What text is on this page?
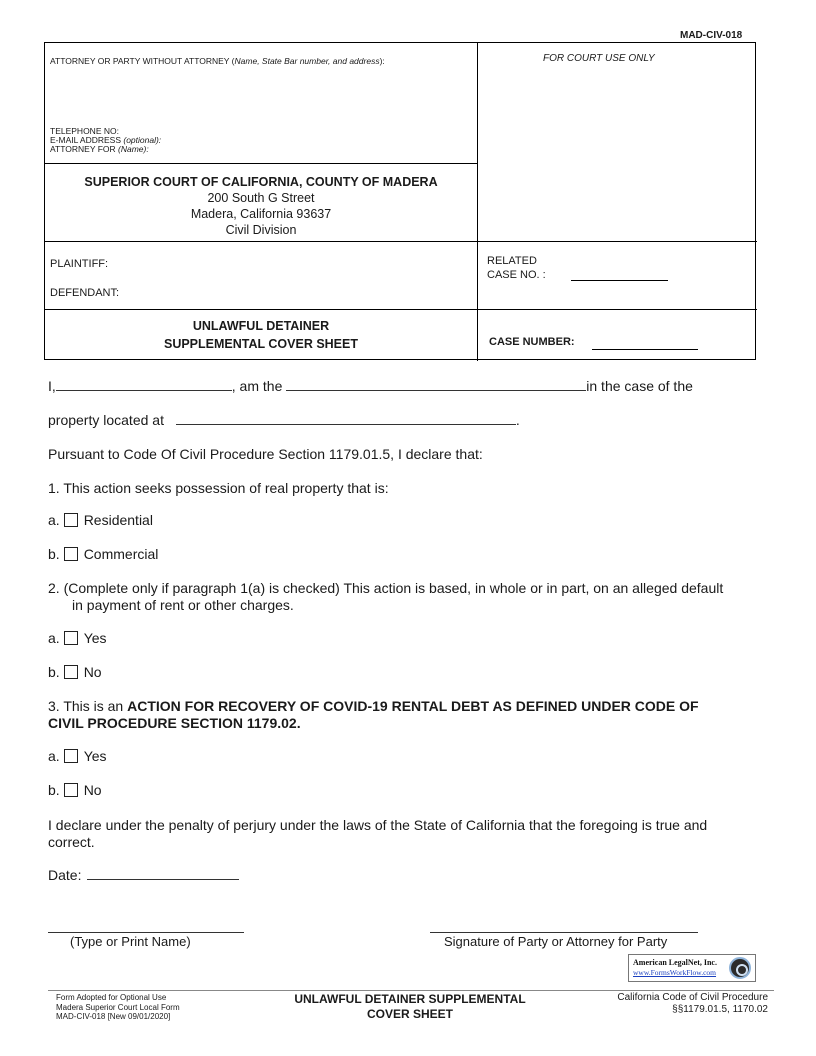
MAD-CIV-018
ATTORNEY OR PARTY WITHOUT ATTORNEY (Name, State Bar number, and address):	FOR COURT USE ONLY
TELEPHONE NO:
E-MAIL ADDRESS (optional):
ATTORNEY FOR (Name):
SUPERIOR COURT OF CALIFORNIA, COUNTY OF MADERA
200 South G Street
Madera, California 93637
Civil Division
PLAINTIFF:
DEFENDANT:
RELATED
CASE NO. :
UNLAWFUL DETAINER
SUPPLEMENTAL COVER SHEET	CASE NUMBER:
I,	, am the	in the case of the
property located at	.
Pursuant to Code Of Civil Procedure Section 1179.01.5, I declare that:
1. This action seeks possession of real property that is:
a. Residential
b. Commercial
2. (Complete only if paragraph 1(a) is checked) This action is based, in whole or in part, on an alleged default
in payment of rent or other charges.
a. Yes
b. No
3. This is an ACTION FOR RECOVERY OF COVID-19 RENTAL DEBT AS DEFINED UNDER CODE OF
CIVIL PROCEDURE SECTION 1179.02.
a. Yes
b. No
I declare under the penalty of perjury under the laws of the State of California that the foregoing is true and
correct.
Date:
(Type or Print Name)	Signature of Party or Attorney for Party
American LegalNet, Inc.
www.FormsWorkFlow.com
Form Adopted for Optional Use
Madera Superior Court Local Form
MAD-CIV-018 [New 09/01/2020]
UNLAWFUL DETAINER SUPPLEMENTAL
COVER SHEET
California Code of Civil Procedure
§§1179.01.5, 1170.02
